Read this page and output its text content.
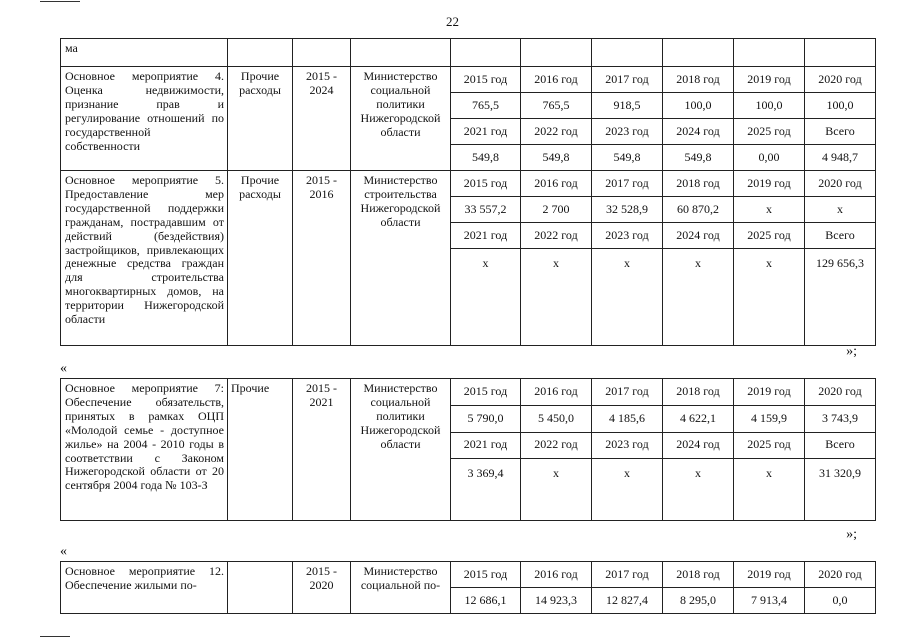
22
ма									
Основное мероприятие 4. Оценка недвижимости, признание прав и регулирование отношений по государственной собственности	Прочие расходы	2015 - 2024	Министерство социальной политики Нижегородской области	2015 год	2016 год	2017 год	2018 год	2019 год	2020 год
				765,5	765,5	918,5	100,0	100,0	100,0
				2021 год	2022 год	2023 год	2024 год	2025 год	Всего
				549,8	549,8	549,8	549,8	0,00	4 948,7
Основное мероприятие 5. Предоставление мер государственной поддержки гражданам, пострадавшим от действий (бездействия) застройщиков, привлекающих денежные средства граждан для строительства многоквартирных домов, на территории Нижегородской области	Прочие расходы	2015 - 2016	Министерство строительства Нижегородской области	2015 год	2016 год	2017 год	2018 год	2019 год	2020 год
				33 557,2	2 700	32 528,9	60 870,2	x	x
				2021 год	2022 год	2023 год	2024 год	2025 год	Всего
				x	x	x	x	x	129 656,3
»;
«
Основное мероприятие 7: Обеспечение обязательств, принятых в рамках ОЦП «Молодой семье - доступное жилье» на 2004 - 2010 годы в соответствии с Законом Нижегородской области от 20 сентября 2004 года № 103-З	Прочие	2015 - 2021	Министерство социальной политики Нижегородской области	2015 год	2016 год	2017 год	2018 год	2019 год	2020 год
				5 790,0	5 450,0	4 185,6	4 622,1	4 159,9	3 743,9
				2021 год	2022 год	2023 год	2024 год	2025 год	Всего
				3 369,4	x	x	x	x	31 320,9
»;
«
Основное мероприятие 12. Обеспечение жилыми по-		2015 - 2020	Министерство социальной по-	2015 год	2016 год	2017 год	2018 год	2019 год	2020 год
				12 686,1	14 923,3	12 827,4	8 295,0	7 913,4	0,0
